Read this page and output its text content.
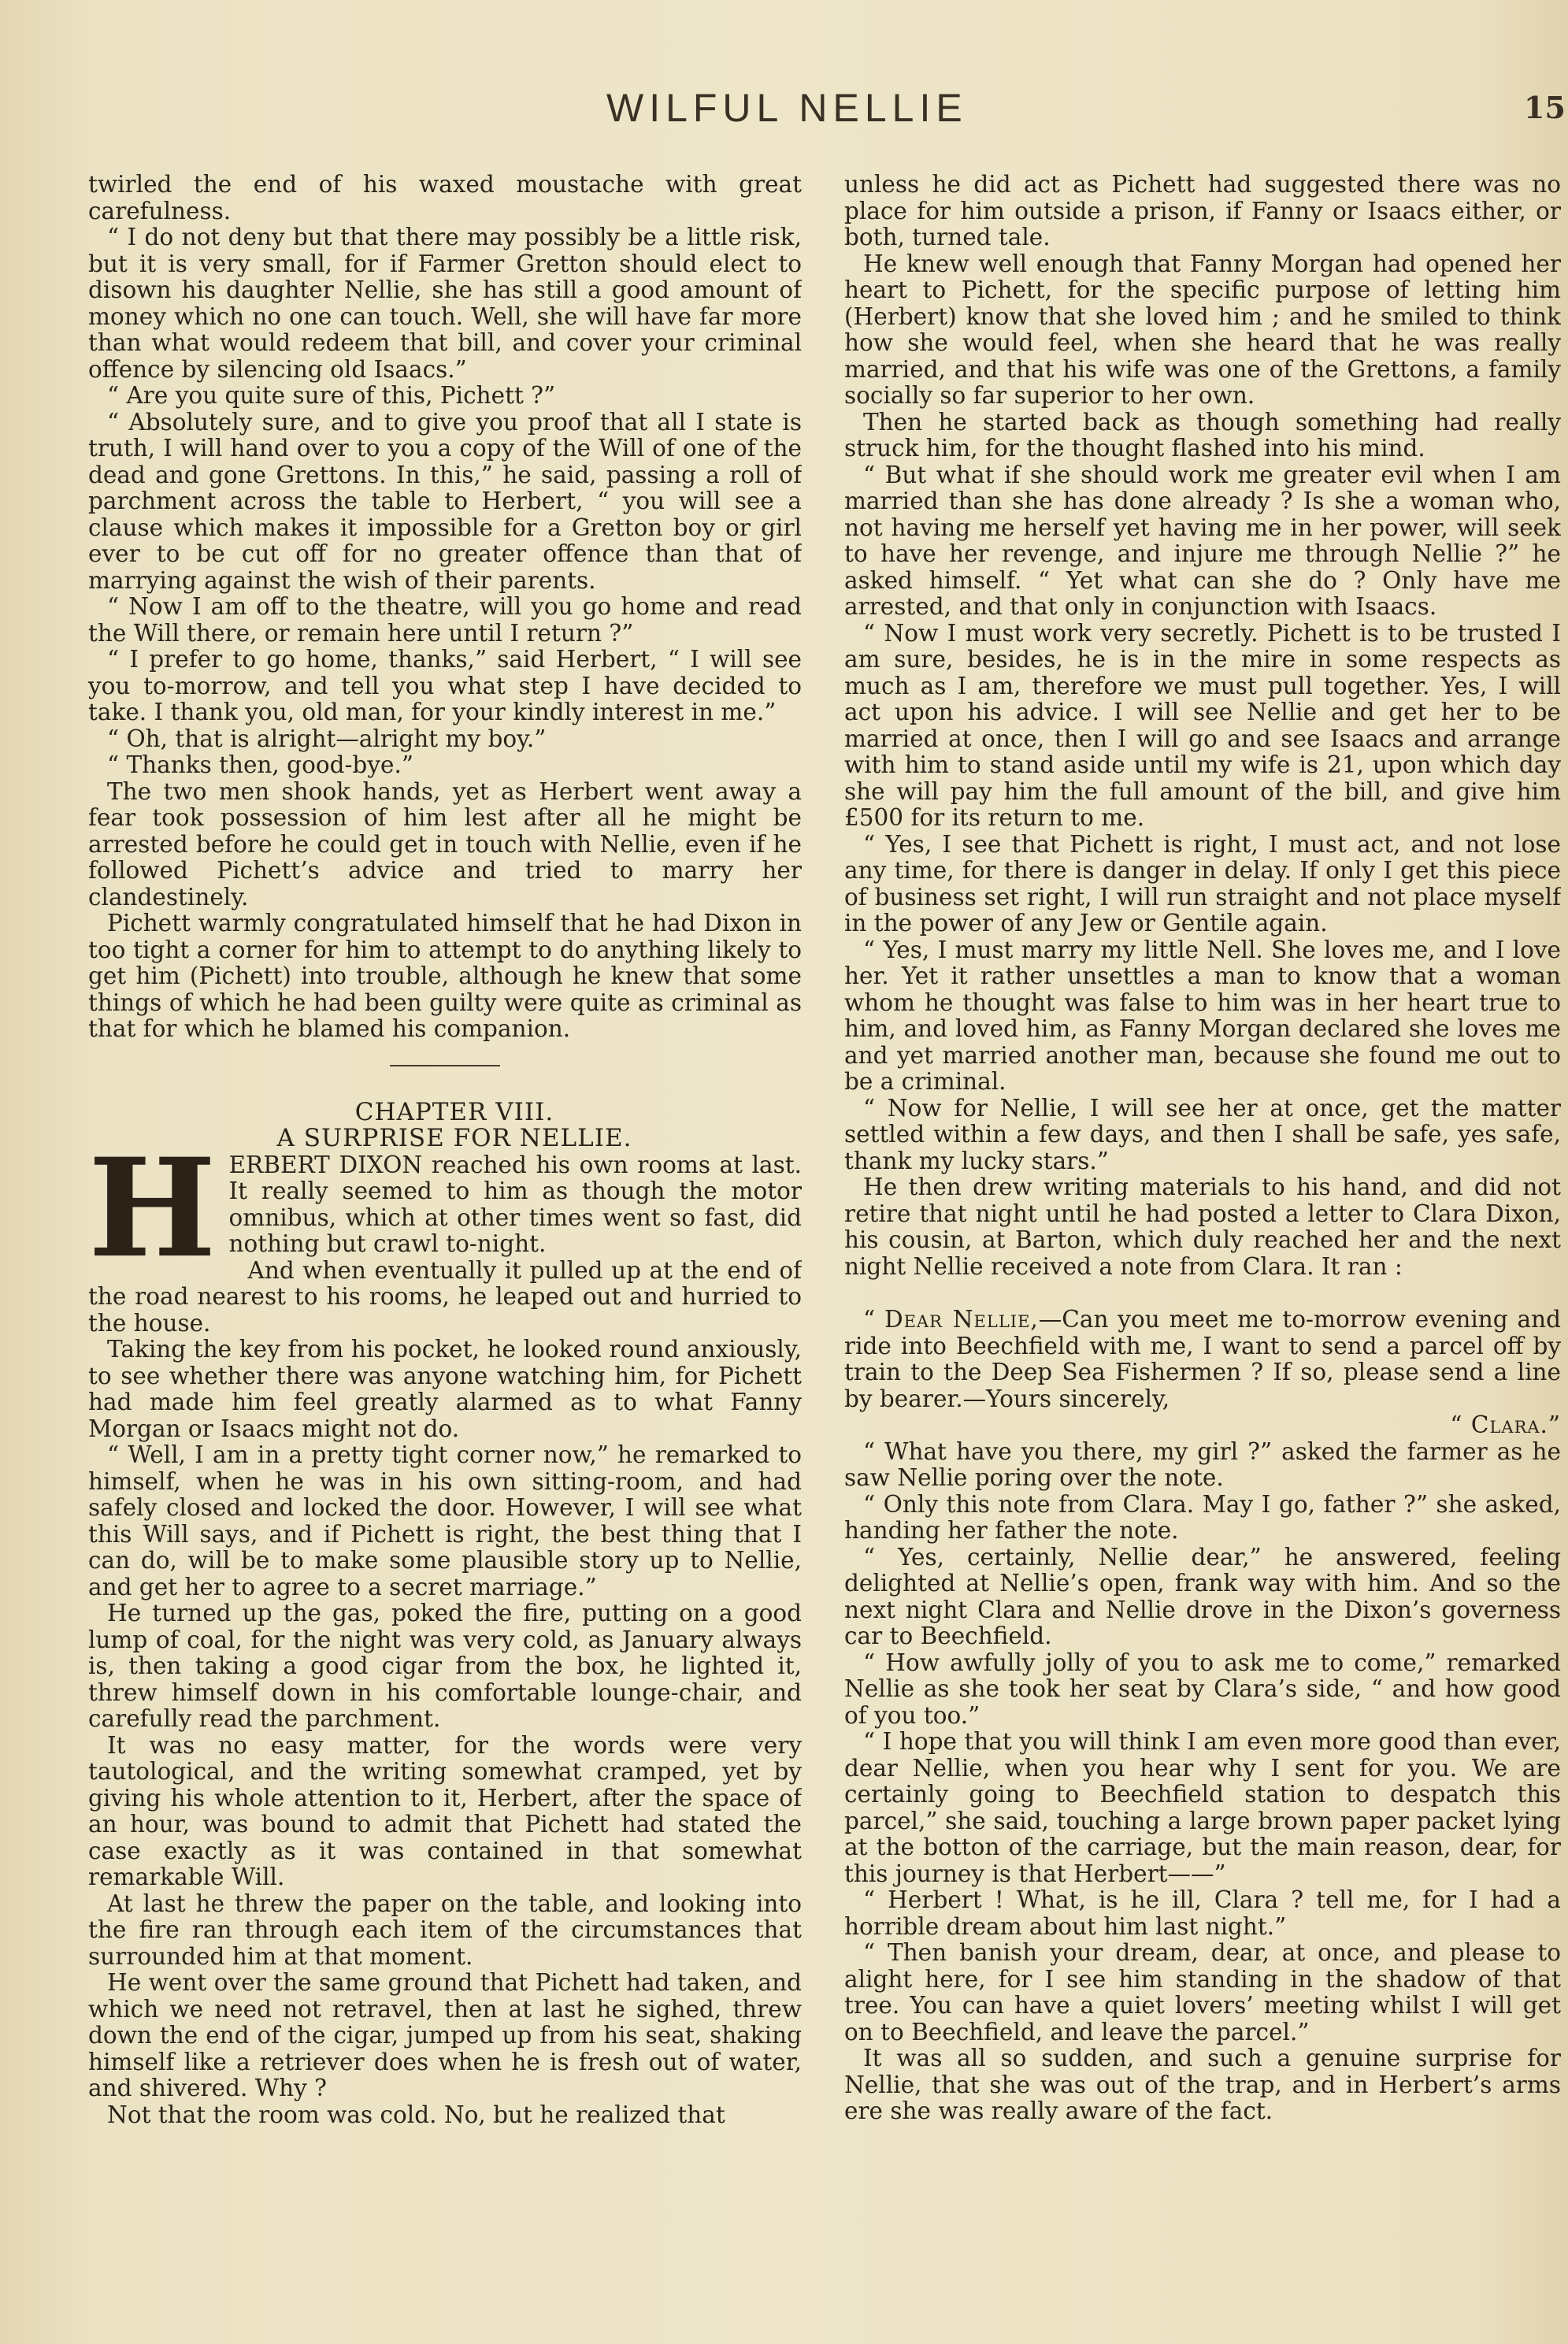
WILFUL NELLIE	15

twirled the end of his waxed moustache with great carefulness.

“ I do not deny but that there may possibly be a little risk, but it is very small, for if Farmer Gretton should elect to disown his daughter Nellie, she has still a good amount of money which no one can touch. Well, she will have far more than what would redeem that bill, and cover your criminal offence by silencing old Isaacs.”

“ Are you quite sure of this, Pichett ?”

“ Absolutely sure, and to give you proof that all I state is truth, I will hand over to you a copy of the Will of one of the dead and gone Grettons. In this,” he said, passing a roll of parchment across the table to Herbert, “ you will see a clause which makes it impossible for a Gretton boy or girl ever to be cut off for no greater offence than that of marrying against the wish of their parents.

“ Now I am off to the theatre, will you go home and read the Will there, or remain here until I return ?”

“ I prefer to go home, thanks,” said Herbert, “ I will see you to-morrow, and tell you what step I have decided to take. I thank you, old man, for your kindly interest in me.”

“ Oh, that is alright—alright my boy.”

“ Thanks then, good-bye.”

The two men shook hands, yet as Herbert went away a fear took possession of him lest after all he might be arrested before he could get in touch with Nellie, even if he followed Pichett’s advice and tried to marry her clandestinely.

Pichett warmly congratulated himself that he had Dixon in too tight a corner for him to attempt to do anything likely to get him (Pichett) into trouble, although he knew that some things of which he had been guilty were quite as criminal as that for which he blamed his companion.

CHAPTER VIII.

A SURPRISE FOR NELLIE.

HERBERT DIXON reached his own rooms at last. It really seemed to him as though the motor omnibus, which at other times went so fast, did nothing but crawl to-night.

And when eventually it pulled up at the end of the road nearest to his rooms, he leaped out and hurried to the house.

Taking the key from his pocket, he looked round anxiously, to see whether there was anyone watching him, for Pichett had made him feel greatly alarmed as to what Fanny Morgan or Isaacs might not do.

“ Well, I am in a pretty tight corner now,” he remarked to himself, when he was in his own sitting-room, and had safely closed and locked the door. However, I will see what this Will says, and if Pichett is right, the best thing that I can do, will be to make some plausible story up to Nellie, and get her to agree to a secret marriage.”

He turned up the gas, poked the fire, putting on a good lump of coal, for the night was very cold, as January always is, then taking a good cigar from the box, he lighted it, threw himself down in his comfortable lounge-chair, and carefully read the parchment.

It was no easy matter, for the words were very tautological, and the writing somewhat cramped, yet by giving his whole attention to it, Herbert, after the space of an hour, was bound to admit that Pichett had stated the case exactly as it was contained in that somewhat remarkable Will.

At last he threw the paper on the table, and looking into the fire ran through each item of the circumstances that surrounded him at that moment.

He went over the same ground that Pichett had taken, and which we need not retravel, then at last he sighed, threw down the end of the cigar, jumped up from his seat, shaking himself like a retriever does when he is fresh out of water, and shivered. Why ?

Not that the room was cold. No, but he realized that

unless he did act as Pichett had suggested there was no place for him outside a prison, if Fanny or Isaacs either, or both, turned tale.

He knew well enough that Fanny Morgan had opened her heart to Pichett, for the specific purpose of letting him (Herbert) know that she loved him ; and he smiled to think how she would feel, when she heard that he was really married, and that his wife was one of the Grettons, a family socially so far superior to her own.

Then he started back as though something had really struck him, for the thought flashed into his mind.

“ But what if she should work me greater evil when I am married than she has done already ? Is she a woman who, not having me herself yet having me in her power, will seek to have her revenge, and injure me through Nellie ?” he asked himself. “ Yet what can she do ? Only have me arrested, and that only in conjunction with Isaacs.

“ Now I must work very secretly. Pichett is to be trusted I am sure, besides, he is in the mire in some respects as much as I am, therefore we must pull together. Yes, I will act upon his advice. I will see Nellie and get her to be married at once, then I will go and see Isaacs and arrange with him to stand aside until my wife is 21, upon which day she will pay him the full amount of the bill, and give him £500 for its return to me.

“ Yes, I see that Pichett is right, I must act, and not lose any time, for there is danger in delay. If only I get this piece of business set right, I will run straight and not place myself in the power of any Jew or Gentile again.

“ Yes, I must marry my little Nell. She loves me, and I love her. Yet it rather unsettles a man to know that a woman whom he thought was false to him was in her heart true to him, and loved him, as Fanny Morgan declared she loves me and yet married another man, because she found me out to be a criminal.

“ Now for Nellie, I will see her at once, get the matter settled within a few days, and then I shall be safe, yes safe, thank my lucky stars.”

He then drew writing materials to his hand, and did not retire that night until he had posted a letter to Clara Dixon, his cousin, at Barton, which duly reached her and the next night Nellie received a note from Clara. It ran :

“ Dear Nellie,—Can you meet me to-morrow evening and ride into Beechfield with me, I want to send a parcel off by train to the Deep Sea Fishermen ? If so, please send a line by bearer.—Yours sincerely,

“ Clara.”

“ What have you there, my girl ?” asked the farmer as he saw Nellie poring over the note.

“ Only this note from Clara. May I go, father ?” she asked, handing her father the note.

“ Yes, certainly, Nellie dear,” he answered, feeling delighted at Nellie’s open, frank way with him. And so the next night Clara and Nellie drove in the Dixon’s governess car to Beechfield.

“ How awfully jolly of you to ask me to come,” remarked Nellie as she took her seat by Clara’s side, “ and how good of you too.”

“ I hope that you will think I am even more good than ever, dear Nellie, when you hear why I sent for you. We are certainly going to Beechfield station to despatch this parcel,” she said, touching a large brown paper packet lying at the botton of the carriage, but the main reason, dear, for this journey is that Herbert——”

“ Herbert ! What, is he ill, Clara ? tell me, for I had a horrible dream about him last night.”

“ Then banish your dream, dear, at once, and please to alight here, for I see him standing in the shadow of that tree. You can have a quiet lovers’ meeting whilst I will get on to Beechfield, and leave the parcel.”

It was all so sudden, and such a genuine surprise for Nellie, that she was out of the trap, and in Herbert’s arms ere she was really aware of the fact.
